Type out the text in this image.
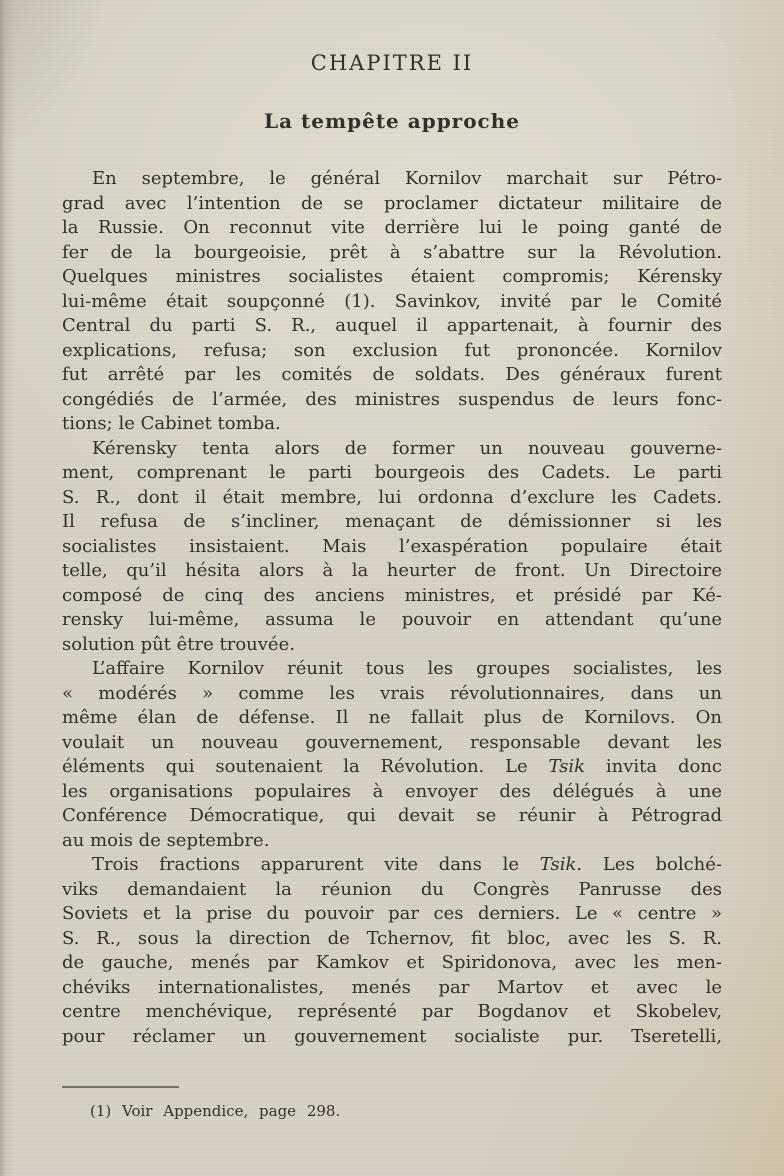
CHAPITRE II
La tempête approche
En septembre, le général Kornilov marchait sur Pétro-
grad avec l’intention de se proclamer dictateur militaire de
la Russie. On reconnut vite derrière lui le poing ganté de
fer de la bourgeoisie, prêt à s’abattre sur la Révolution.
Quelques ministres socialistes étaient compromis; Kérensky
lui-même était soupçonné (1). Savinkov, invité par le Comité
Central du parti S. R., auquel il appartenait, à fournir des
explications, refusa; son exclusion fut prononcée. Kornilov
fut arrêté par les comités de soldats. Des généraux furent
congédiés de l’armée, des ministres suspendus de leurs fonc-
tions; le Cabinet tomba.
Kérensky tenta alors de former un nouveau gouverne-
ment, comprenant le parti bourgeois des Cadets. Le parti
S. R., dont il était membre, lui ordonna d’exclure les Cadets.
Il refusa de s’incliner, menaçant de démissionner si les
socialistes insistaient. Mais l’exaspération populaire était
telle, qu’il hésita alors à la heurter de front. Un Directoire
composé de cinq des anciens ministres, et présidé par Ké-
rensky lui-même, assuma le pouvoir en attendant qu’une
solution pût être trouvée.
L’affaire Kornilov réunit tous les groupes socialistes, les
« modérés » comme les vrais révolutionnaires, dans un
même élan de défense. Il ne fallait plus de Kornilovs. On
voulait un nouveau gouvernement, responsable devant les
éléments qui soutenaient la Révolution. Le Tsik invita donc
les organisations populaires à envoyer des délégués à une
Conférence Démocratique, qui devait se réunir à Pétrograd
au mois de septembre.
Trois fractions apparurent vite dans le Tsik. Les bolché-
viks demandaient la réunion du Congrès Panrusse des
Soviets et la prise du pouvoir par ces derniers. Le « centre »
S. R., sous la direction de Tchernov, fit bloc, avec les S. R.
de gauche, menés par Kamkov et Spiridonova, avec les men-
chéviks internationalistes, menés par Martov et avec le
centre menchévique, représenté par Bogdanov et Skobelev,
pour réclamer un gouvernement socialiste pur. Tseretelli,
(1) Voir Appendice, page 298.
